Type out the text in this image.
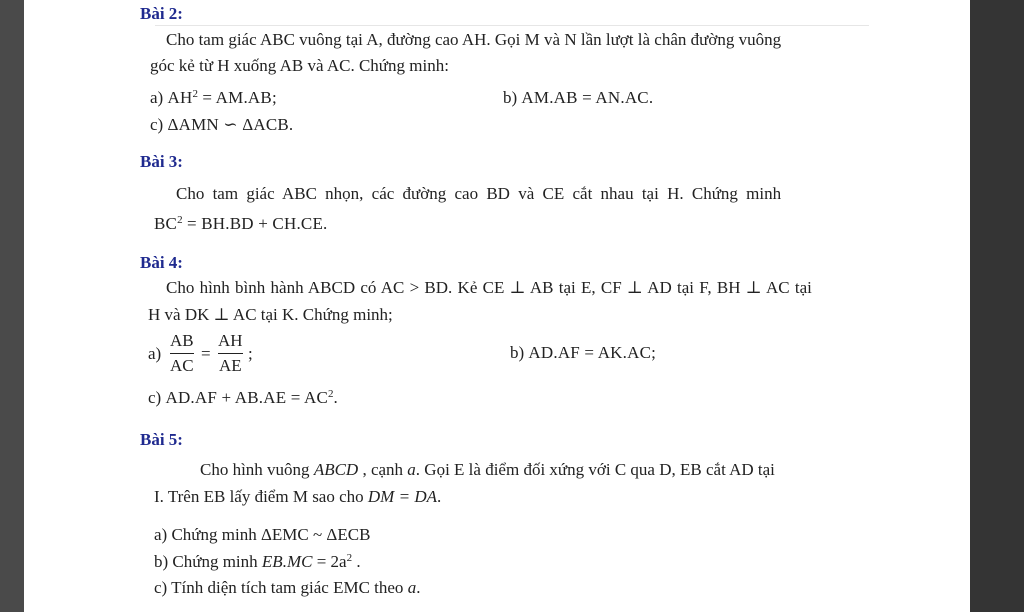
Bài 2:
Cho tam giác ABC vuông tại A, đường cao AH. Gọi M và N lần lượt là chân đường vuông
góc kẻ từ H xuống AB và AC. Chứng minh:
a) $AH^2 = AM.AB$;	b) AM.AB = AN.AC.
c) ΔAMN ∽ ΔACB.
Bài 3:
Cho tam giác ABC nhọn, các đường cao BD và CE cắt nhau tại H. Chứng minh
$BC^2 = BH.BD + CH.CE$.
Bài 4:
Cho hình bình hành ABCD có AC > BD. Kẻ CE ⊥ AB tại E, CF ⊥ AD tại F, BH ⊥ AC tại
H và DK ⊥ AC tại K. Chứng minh;
a)
AB
AC
=
AH
AE
;	b) AD.AF = AK.AC;
c) $AD.AF + AB.AE = AC^2$.
Bài 5:
Cho hình vuông ABCD , cạnh a. Gọi E là điểm đối xứng với C qua D, EB cắt AD tại
I. Trên EB lấy điểm M sao cho DM = DA.
a) Chứng minh ΔEMC ~ ΔECB
b) Chứng minh $EB.MC = 2a^2$ .
c) Tính diện tích tam giác EMC theo a.
